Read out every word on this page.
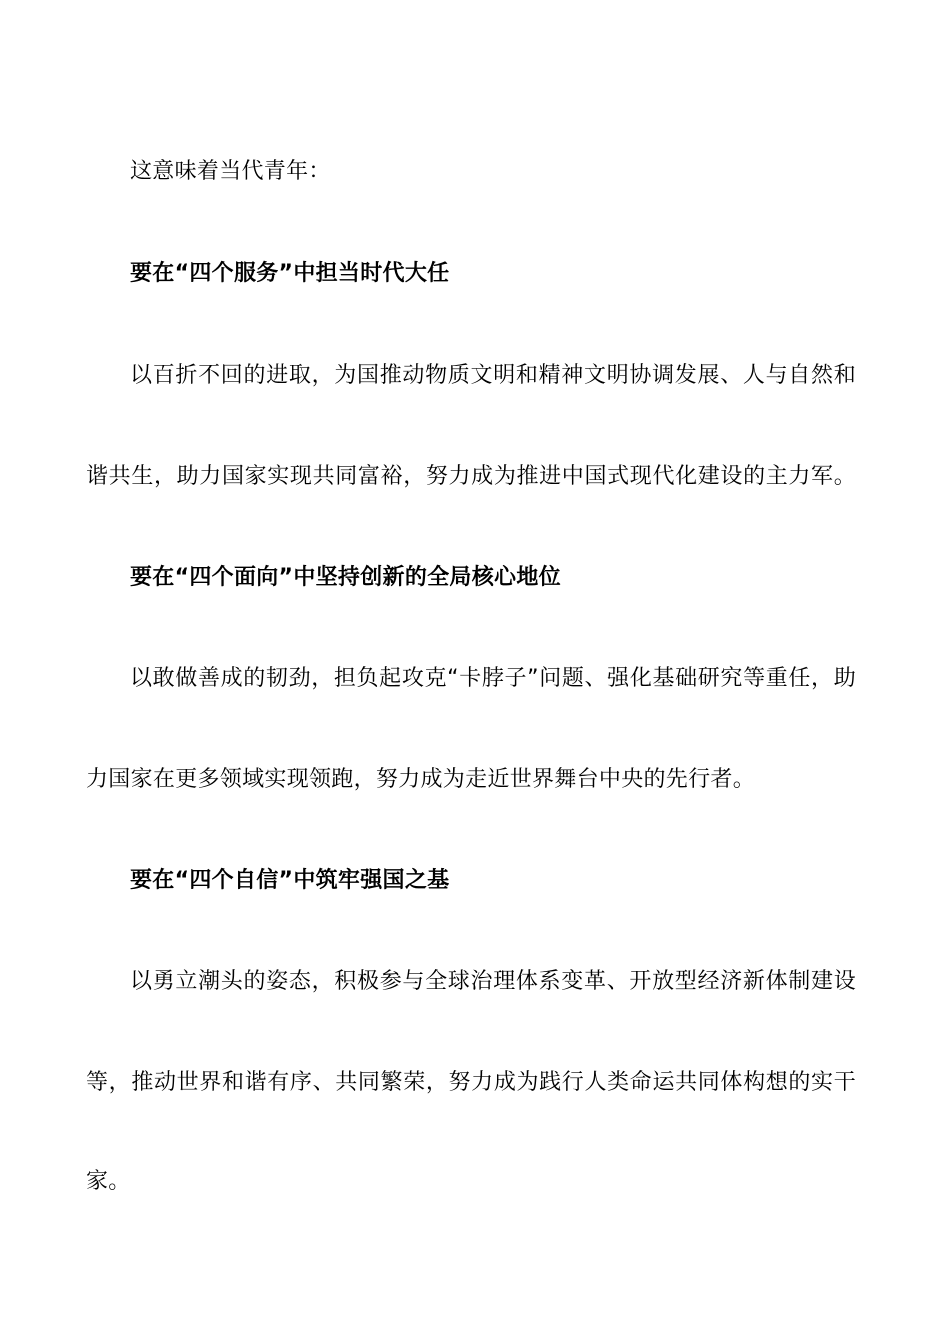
这意味着当代青年：
要在“四个服务”中担当时代大任
以百折不回的进取，为国推动物质文明和精神文明协调发展、人与自然和
谐共生，助力国家实现共同富裕，努力成为推进中国式现代化建设的主力军。
要在“四个面向”中坚持创新的全局核心地位
以敢做善成的韧劲，担负起攻克“卡脖子”问题、强化基础研究等重任，助
力国家在更多领域实现领跑，努力成为走近世界舞台中央的先行者。
要在“四个自信”中筑牢强国之基
以勇立潮头的姿态，积极参与全球治理体系变革、开放型经济新体制建设
等，推动世界和谐有序、共同繁荣，努力成为践行人类命运共同体构想的实干
家。
